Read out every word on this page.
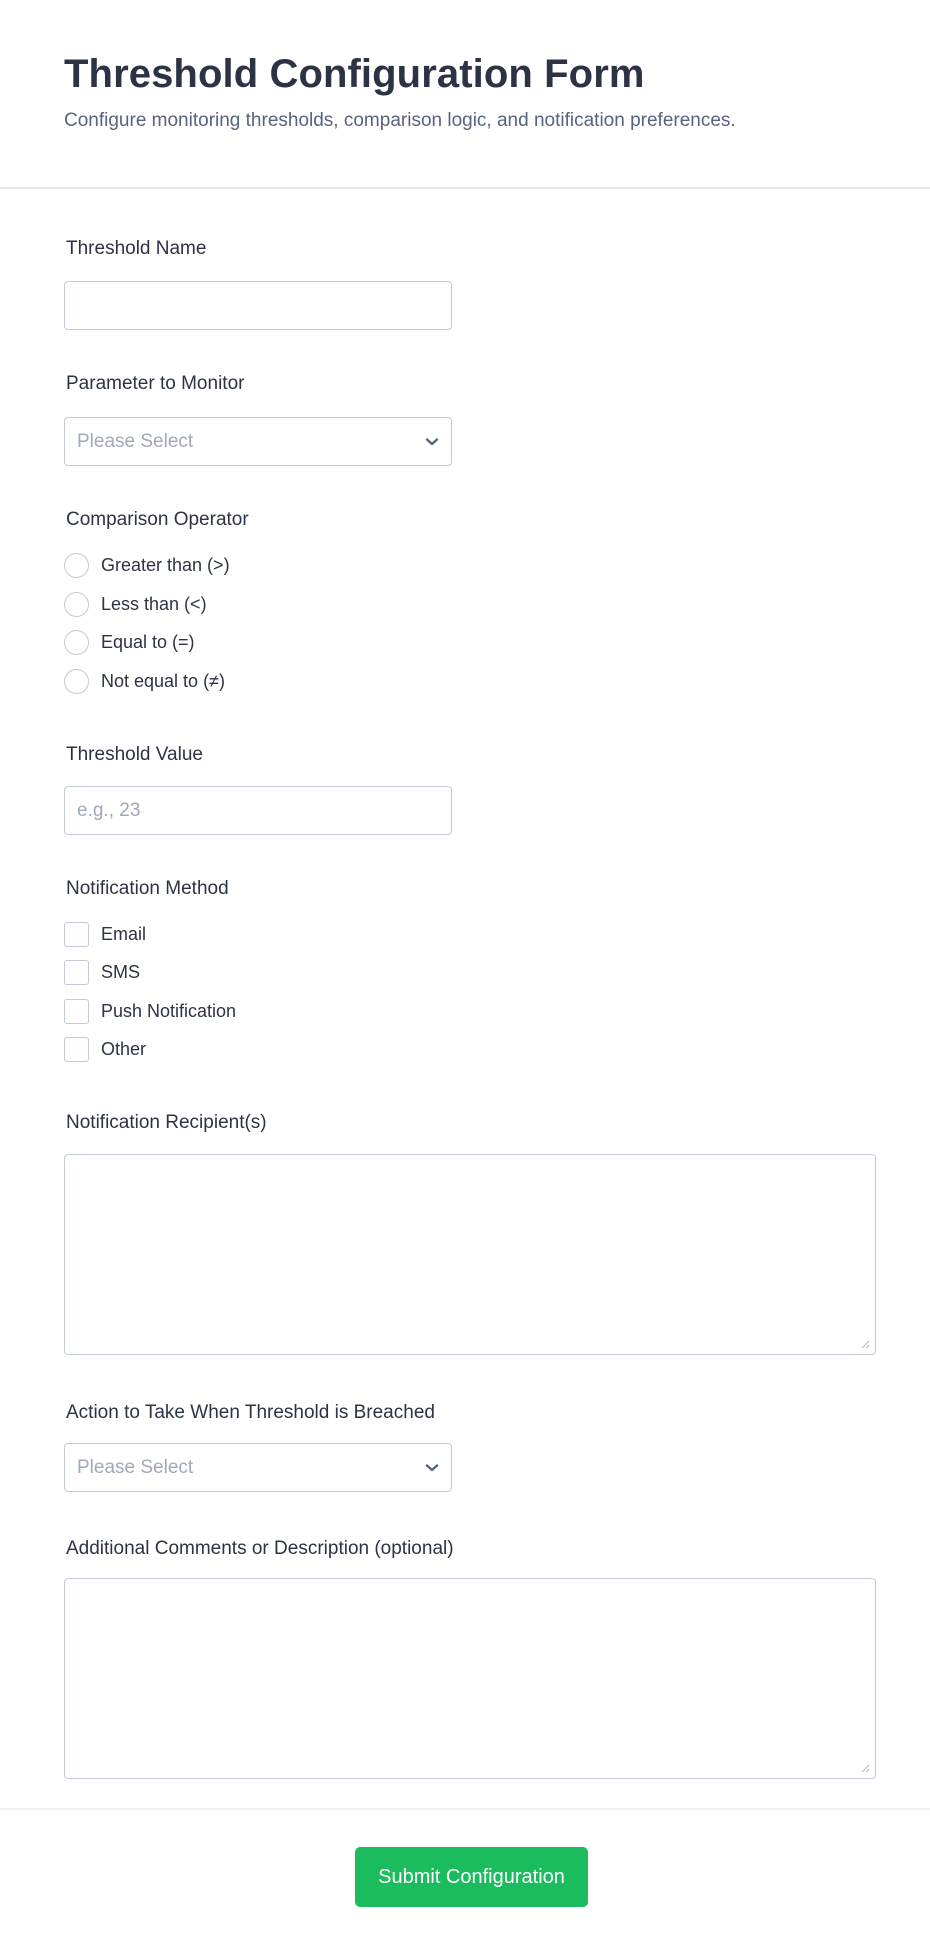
Threshold Configuration Form

Configure monitoring thresholds, comparison logic, and notification preferences.

Threshold Name
Parameter to Monitor
Please Select
Comparison Operator
Greater than (>)
Less than (<)
Equal to (=)
Not equal to (≠)
Threshold Value
e.g., 23
Notification Method
Email
SMS
Push Notification
Other
Notification Recipient(s)
Action to Take When Threshold is Breached
Please Select
Additional Comments or Description (optional)
Submit Configuration
